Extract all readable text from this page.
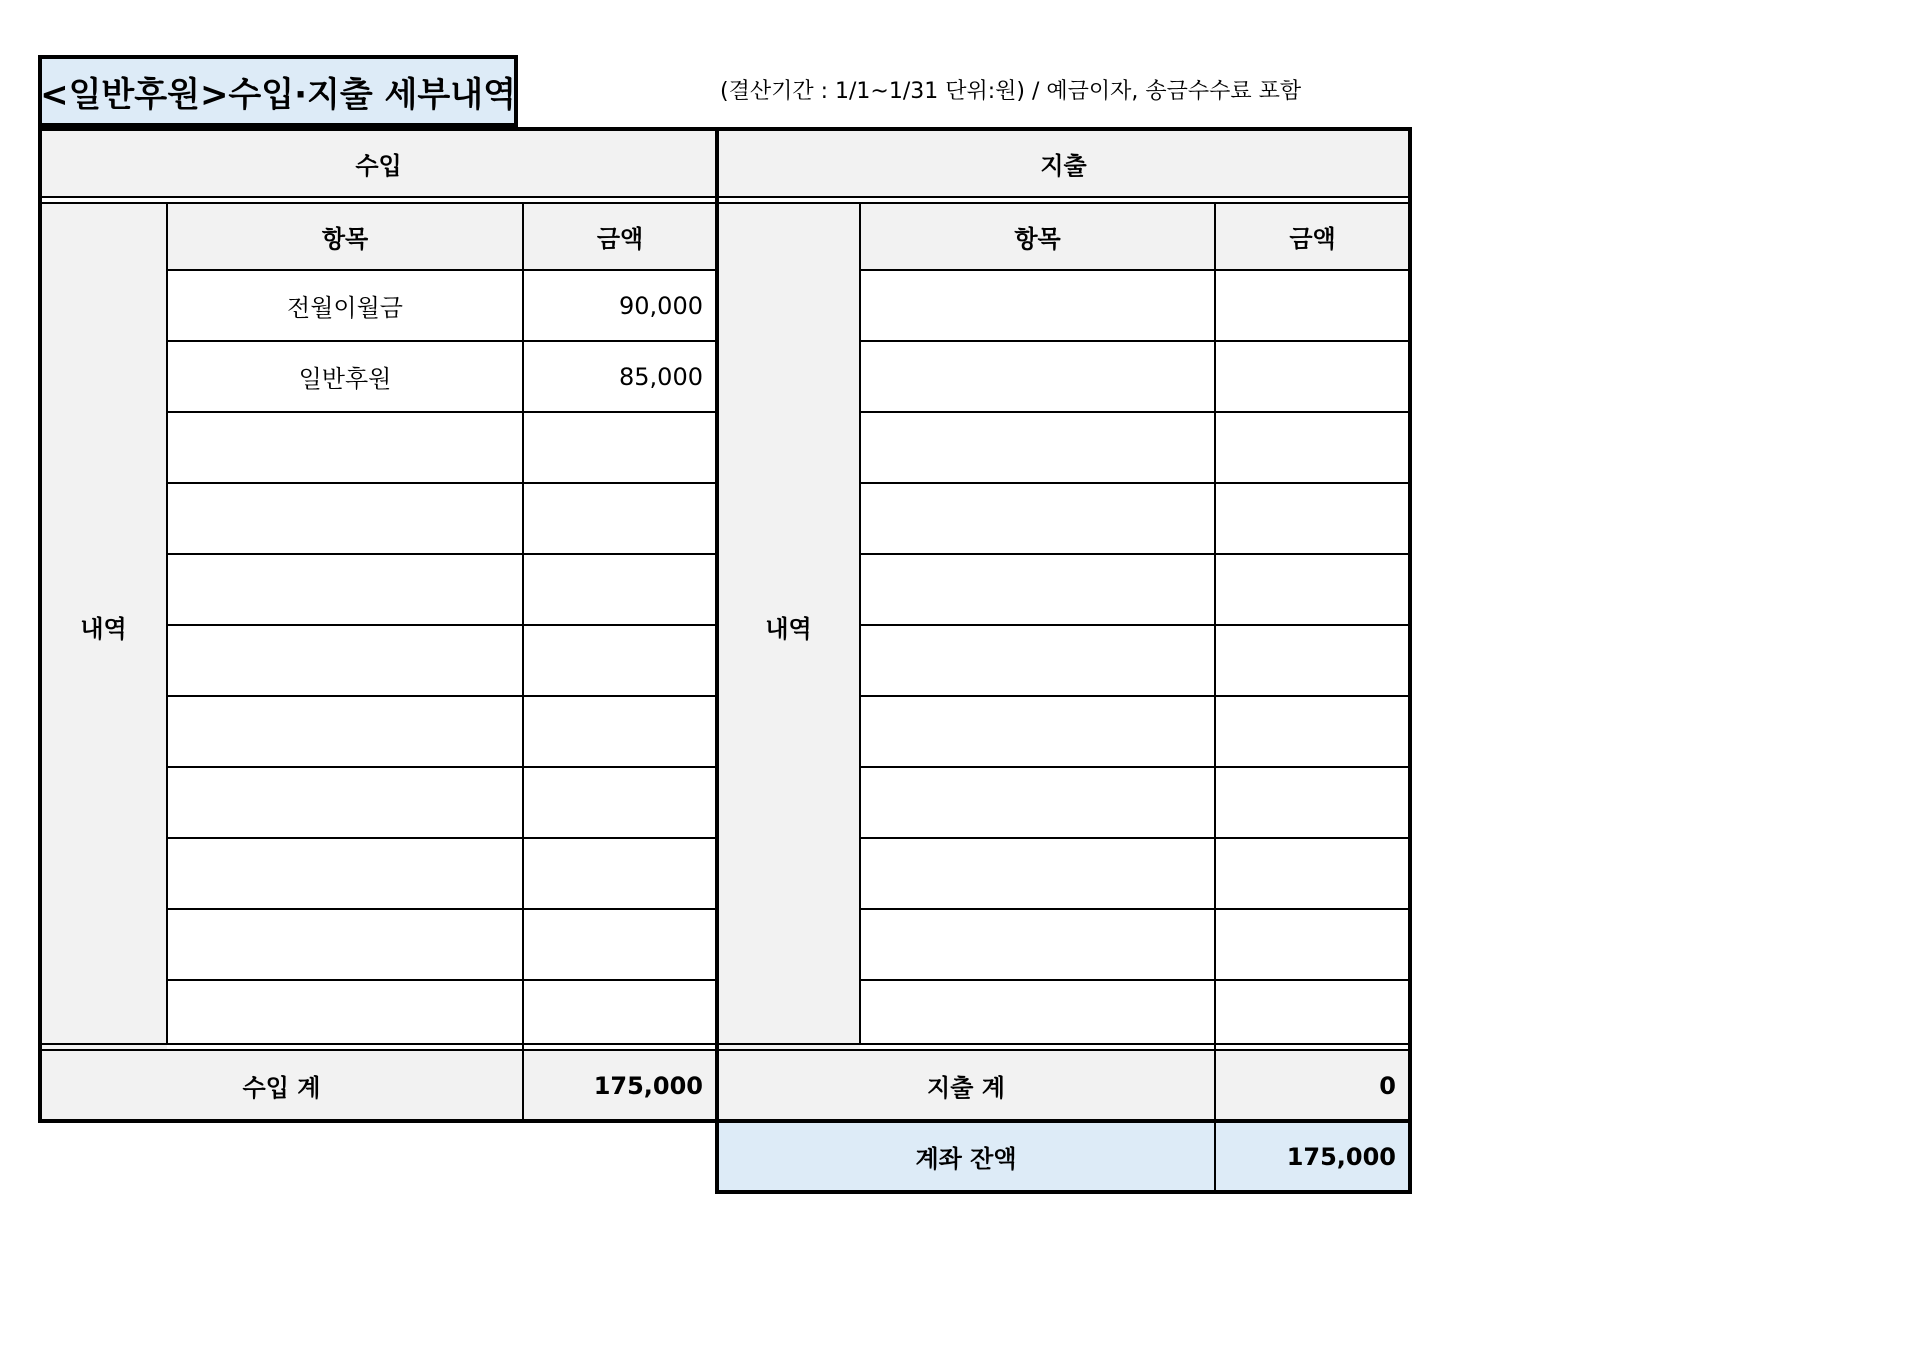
<일반후원>수입·지출 세부내역	(결산기간 : 1/1~1/31 단위:원) / 예금이자, 송금수수료 포함
수입	지출
내역	내역
항목	금액	항목	금액
전월이월금	90,000
일반후원	85,000
수입 계	175,000	지출 계	0
계좌 잔액	175,000
